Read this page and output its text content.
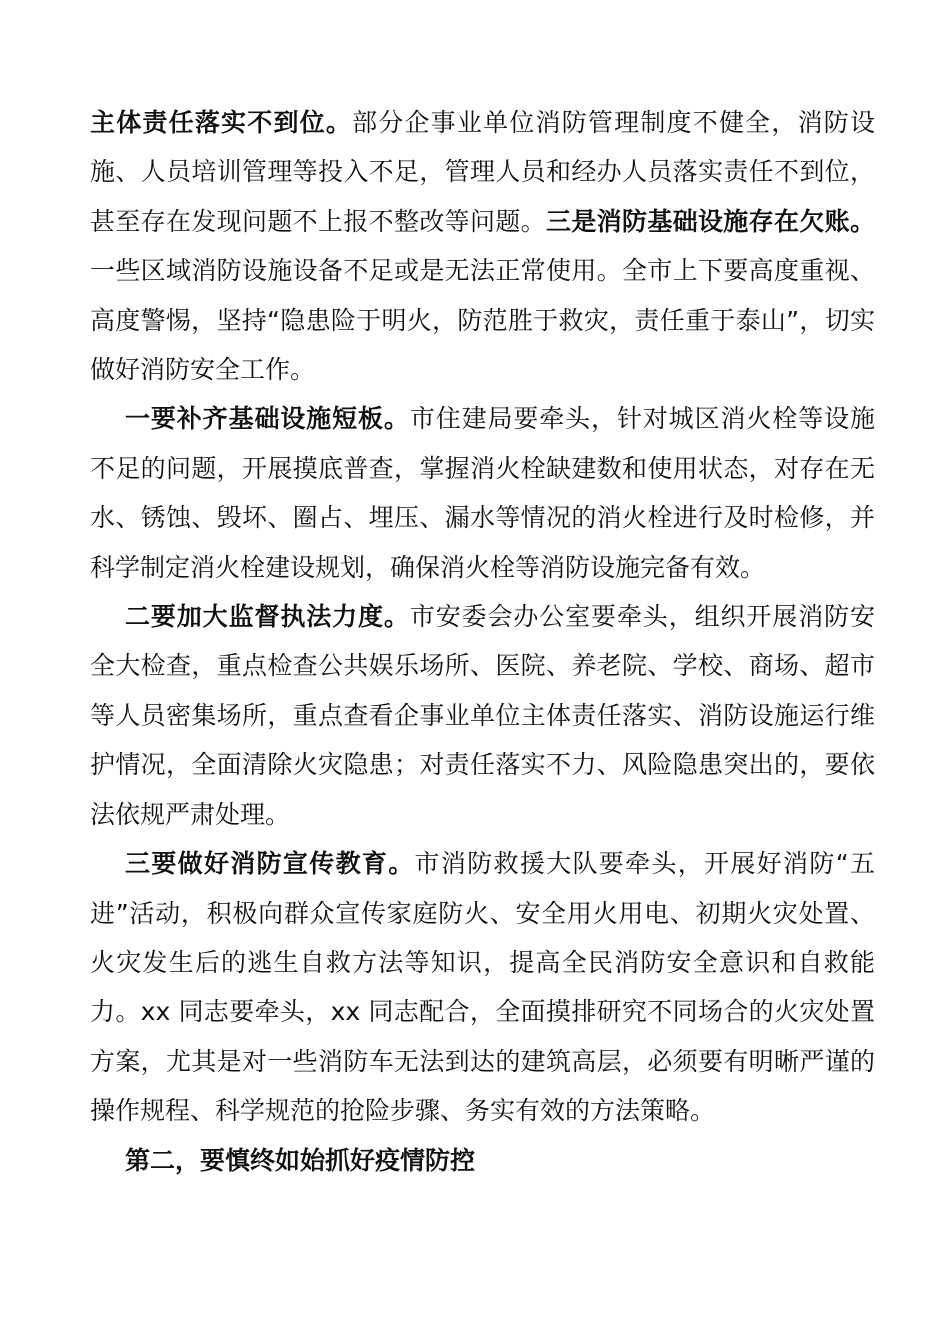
主体责任落实不到位。部分企事业单位消防管理制度不健全，消防设施、人员培训管理等投入不足，管理人员和经办人员落实责任不到位，甚至存在发现问题不上报不整改等问题。三是消防基础设施存在欠账。一些区域消防设施设备不足或是无法正常使用。全市上下要高度重视、高度警惕，坚持“隐患险于明火，防范胜于救灾，责任重于泰山”，切实做好消防安全工作。

一要补齐基础设施短板。市住建局要牵头，针对城区消火栓等设施不足的问题，开展摸底普查，掌握消火栓缺建数和使用状态，对存在无水、锈蚀、毁坏、圈占、埋压、漏水等情况的消火栓进行及时检修，并科学制定消火栓建设规划，确保消火栓等消防设施完备有效。

二要加大监督执法力度。市安委会办公室要牵头，组织开展消防安全大检查，重点检查公共娱乐场所、医院、养老院、学校、商场、超市等人员密集场所，重点查看企事业单位主体责任落实、消防设施运行维护情况，全面清除火灾隐患；对责任落实不力、风险隐患突出的，要依法依规严肃处理。

三要做好消防宣传教育。市消防救援大队要牵头，开展好消防“五进”活动，积极向群众宣传家庭防火、安全用火用电、初期火灾处置、火灾发生后的逃生自救方法等知识，提高全民消防安全意识和自救能力。xx 同志要牵头，xx 同志配合，全面摸排研究不同场合的火灾处置方案，尤其是对一些消防车无法到达的建筑高层，必须要有明晰严谨的操作规程、科学规范的抢险步骤、务实有效的方法策略。

第二，要慎终如始抓好疫情防控
